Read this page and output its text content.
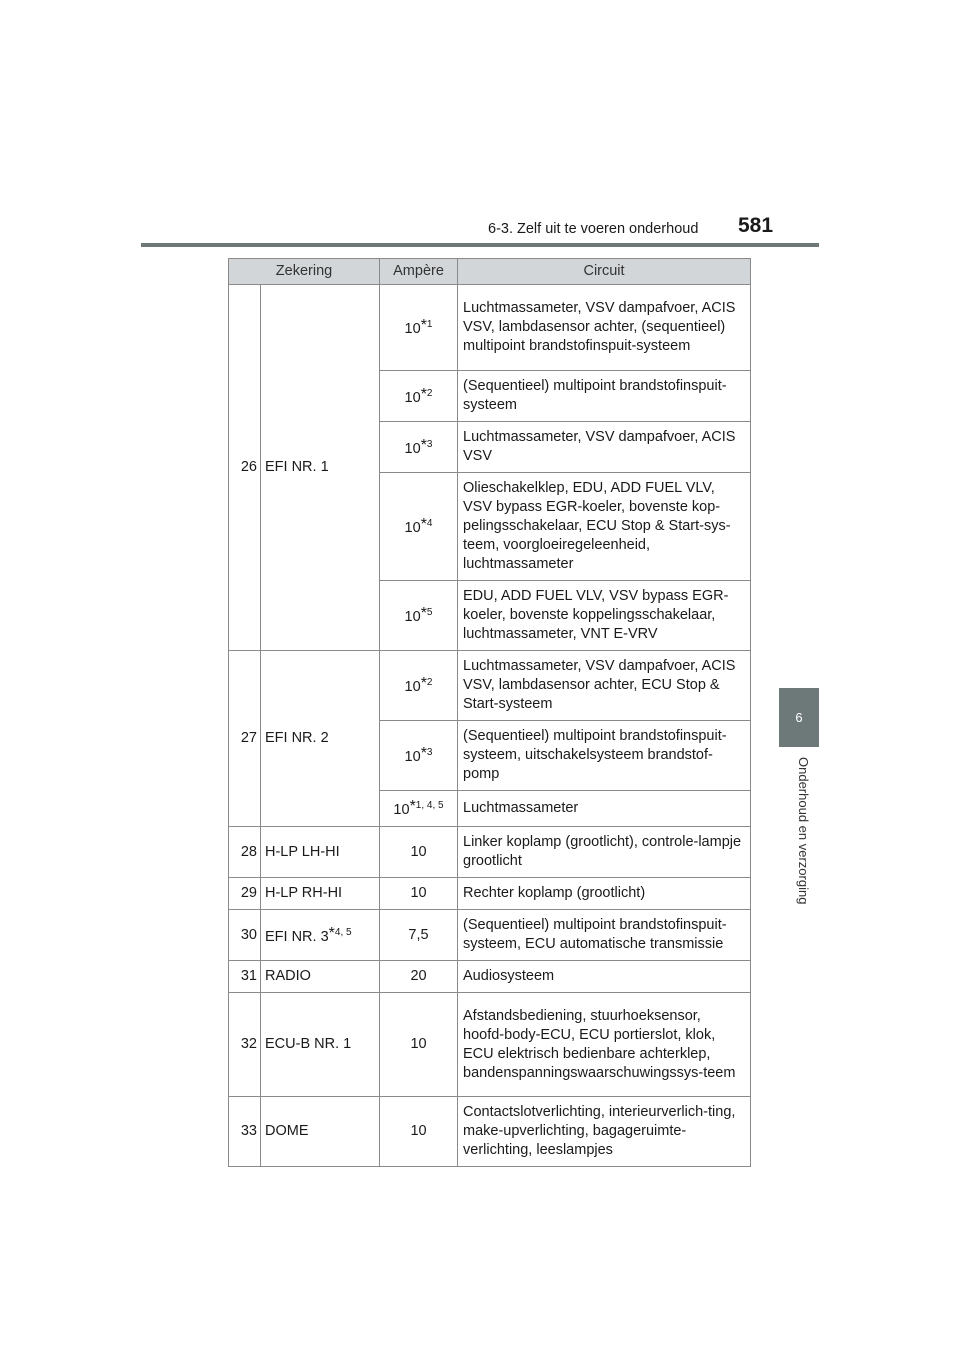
6-3. Zelf uit te voeren onderhoud 581
6
Onderhoud en verzorging
Zekering		Ampère	Circuit
26	EFI NR. 1	10*$^1$	Luchtmassameter, VSV dampafvoer, ACIS VSV, lambdasensor achter, (sequentieel) multipoint brandstofinspuit-systeem
		10*$^2$	(Sequentieel) multipoint brandstofinspuit-systeem
		10*$^3$	Luchtmassameter, VSV dampafvoer, ACIS VSV
		10*$^4$	Olieschakelklep, EDU, ADD FUEL VLV, VSV bypass EGR-koeler, bovenste kop-pelingsschakelaar, ECU Stop & Start-sys-teem, voorgloeiregeleenheid, luchtmassameter
		10*$^5$	EDU, ADD FUEL VLV, VSV bypass EGR-koeler, bovenste koppelingsschakelaar, luchtmassameter, VNT E-VRV
27	EFI NR. 2	10*$^2$	Luchtmassameter, VSV dampafvoer, ACIS VSV, lambdasensor achter, ECU Stop & Start-systeem
		10*$^3$	(Sequentieel) multipoint brandstofinspuit-systeem, uitschakelsysteem brandstof-pomp
		10*$^{1, 4, 5}$	Luchtmassameter
28	H-LP LH-HI	10	Linker koplamp (grootlicht), controle-lampje grootlicht
29	H-LP RH-HI	10	Rechter koplamp (grootlicht)
30	EFI NR. 3*$^{4, 5}$	7,5	(Sequentieel) multipoint brandstofinspuit-systeem, ECU automatische transmissie
31	RADIO	20	Audiosysteem
32	ECU-B NR. 1	10	Afstandsbediening, stuurhoeksensor, hoofd-body-ECU, ECU portierslot, klok, ECU elektrisch bedienbare achterklep, bandenspanningswaarschuwingssys-teem
33	DOME	10	Contactslotverlichting, interieurverlich-ting, make-upverlichting, bagageruimte-verlichting, leeslampjes
